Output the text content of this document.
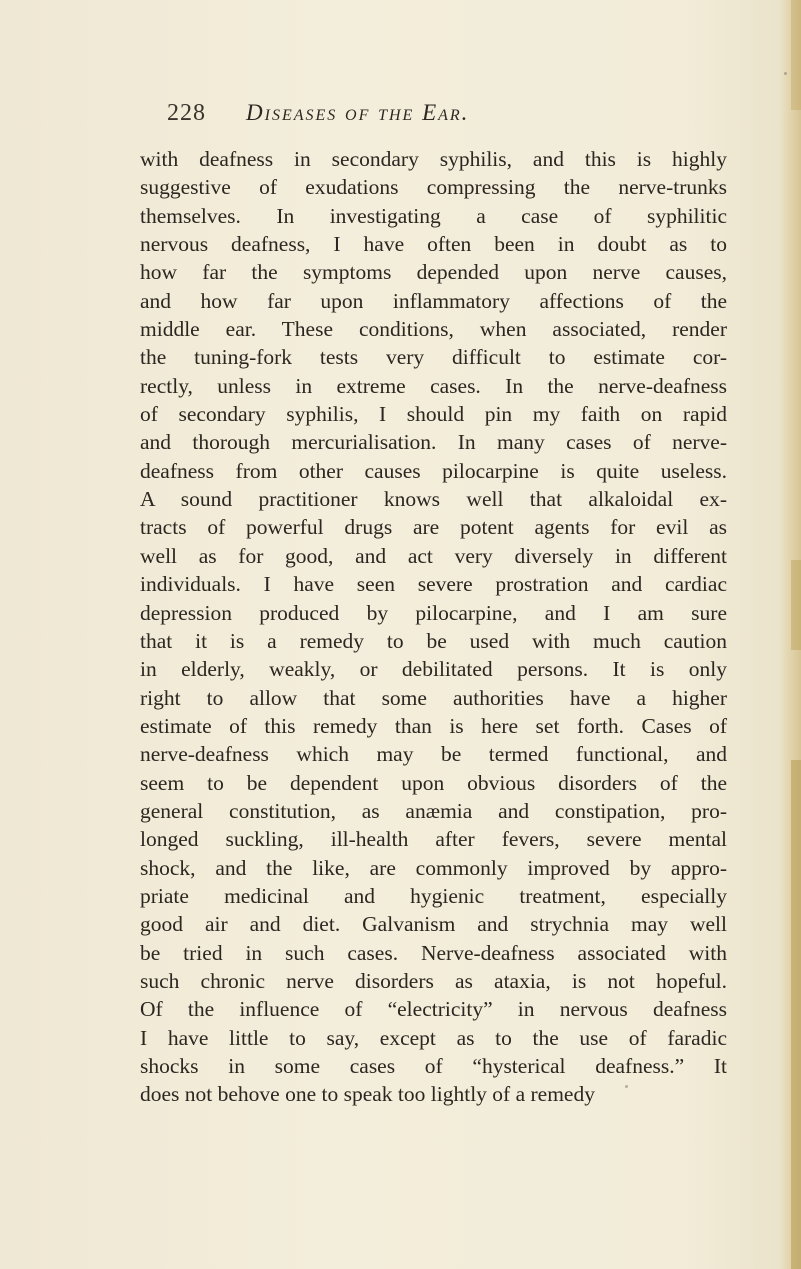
228 Diseases of the Ear.
with deafness in secondary syphilis, and this is highly
suggestive of exudations compressing the nerve-trunks
themselves. In investigating a case of syphilitic
nervous deafness, I have often been in doubt as to
how far the symptoms depended upon nerve causes,
and how far upon inflammatory affections of the
middle ear. These conditions, when associated, render
the tuning-fork tests very difficult to estimate cor-
rectly, unless in extreme cases. In the nerve-deafness
of secondary syphilis, I should pin my faith on rapid
and thorough mercurialisation. In many cases of nerve-
deafness from other causes pilocarpine is quite useless.
A sound practitioner knows well that alkaloidal ex-
tracts of powerful drugs are potent agents for evil as
well as for good, and act very diversely in different
individuals. I have seen severe prostration and cardiac
depression produced by pilocarpine, and I am sure
that it is a remedy to be used with much caution
in elderly, weakly, or debilitated persons. It is only
right to allow that some authorities have a higher
estimate of this remedy than is here set forth. Cases of
nerve-deafness which may be termed functional, and
seem to be dependent upon obvious disorders of the
general constitution, as anæmia and constipation, pro-
longed suckling, ill-health after fevers, severe mental
shock, and the like, are commonly improved by appro-
priate medicinal and hygienic treatment, especially
good air and diet. Galvanism and strychnia may well
be tried in such cases. Nerve-deafness associated with
such chronic nerve disorders as ataxia, is not hopeful.
Of the influence of “electricity” in nervous deafness
I have little to say, except as to the use of faradic
shocks in some cases of “hysterical deafness.” It
does not behove one to speak too lightly of a remedy
